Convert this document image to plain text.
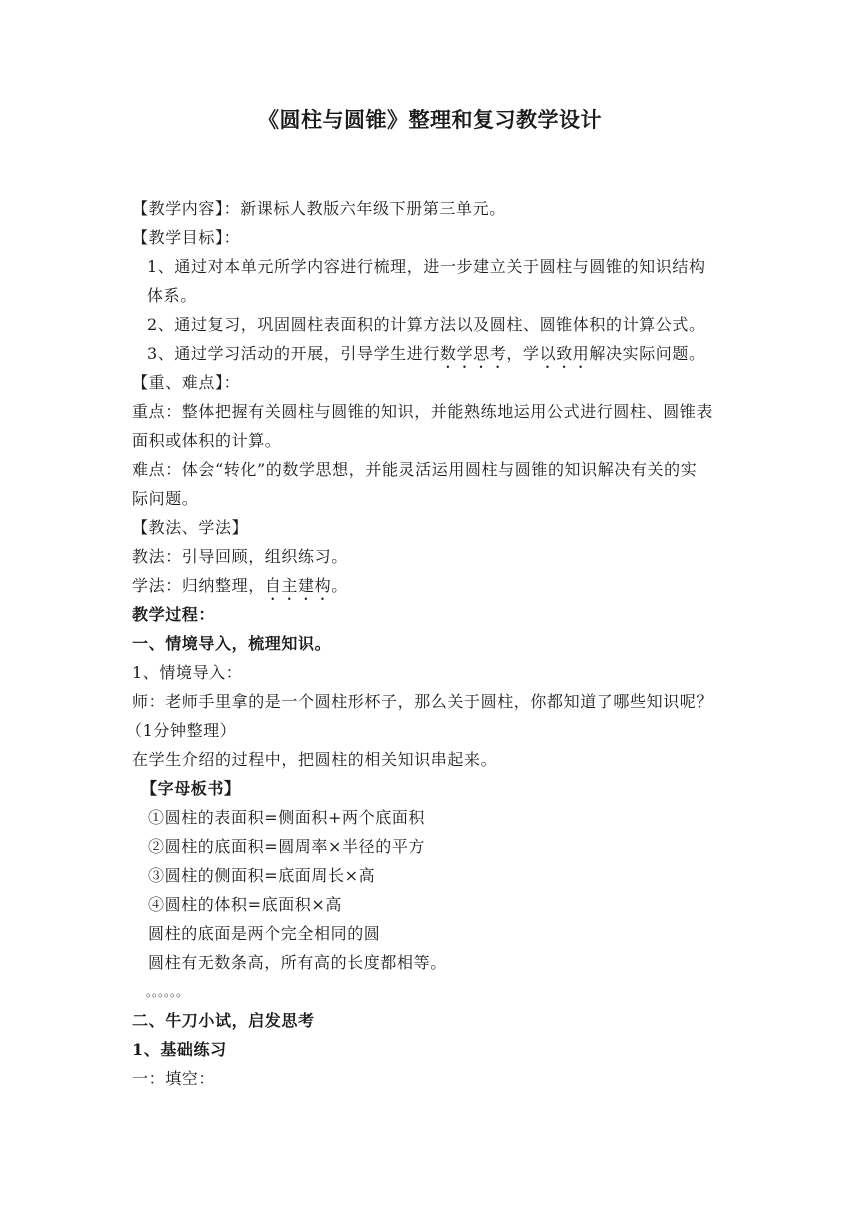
《圆柱与圆锥》整理和复习教学设计
【教学内容】：新课标人教版六年级下册第三单元。
【教学目标】：
1、通过对本单元所学内容进行梳理，进一步建立关于圆柱与圆锥的知识结构
体系。
2、通过复习，巩固圆柱表面积的计算方法以及圆柱、圆锥体积的计算公式。
3、通过学习活动的开展，引导学生进行数学思考，学以致用解决实际问题。
【重、难点】：
重点：整体把握有关圆柱与圆锥的知识，并能熟练地运用公式进行圆柱、圆锥表
面积或体积的计算。
难点：体会“转化”的数学思想，并能灵活运用圆柱与圆锥的知识解决有关的实
际问题。
【教法、学法】
教法：引导回顾，组织练习。
学法：归纳整理，自主建构。
教学过程：
一、情境导入，梳理知识。
1、情境导入：
师：老师手里拿的是一个圆柱形杯子，那么关于圆柱，你都知道了哪些知识呢？
（1分钟整理）
在学生介绍的过程中，把圆柱的相关知识串起来。
【字母板书】
①圆柱的表面积=侧面积+两个底面积
②圆柱的底面积=圆周率×半径的平方
③圆柱的侧面积=底面周长×高
④圆柱的体积=底面积×高
圆柱的底面是两个完全相同的圆
圆柱有无数条高，所有高的长度都相等。
。。。。。。
二、牛刀小试，启发思考
1、基础练习
一：填空：
